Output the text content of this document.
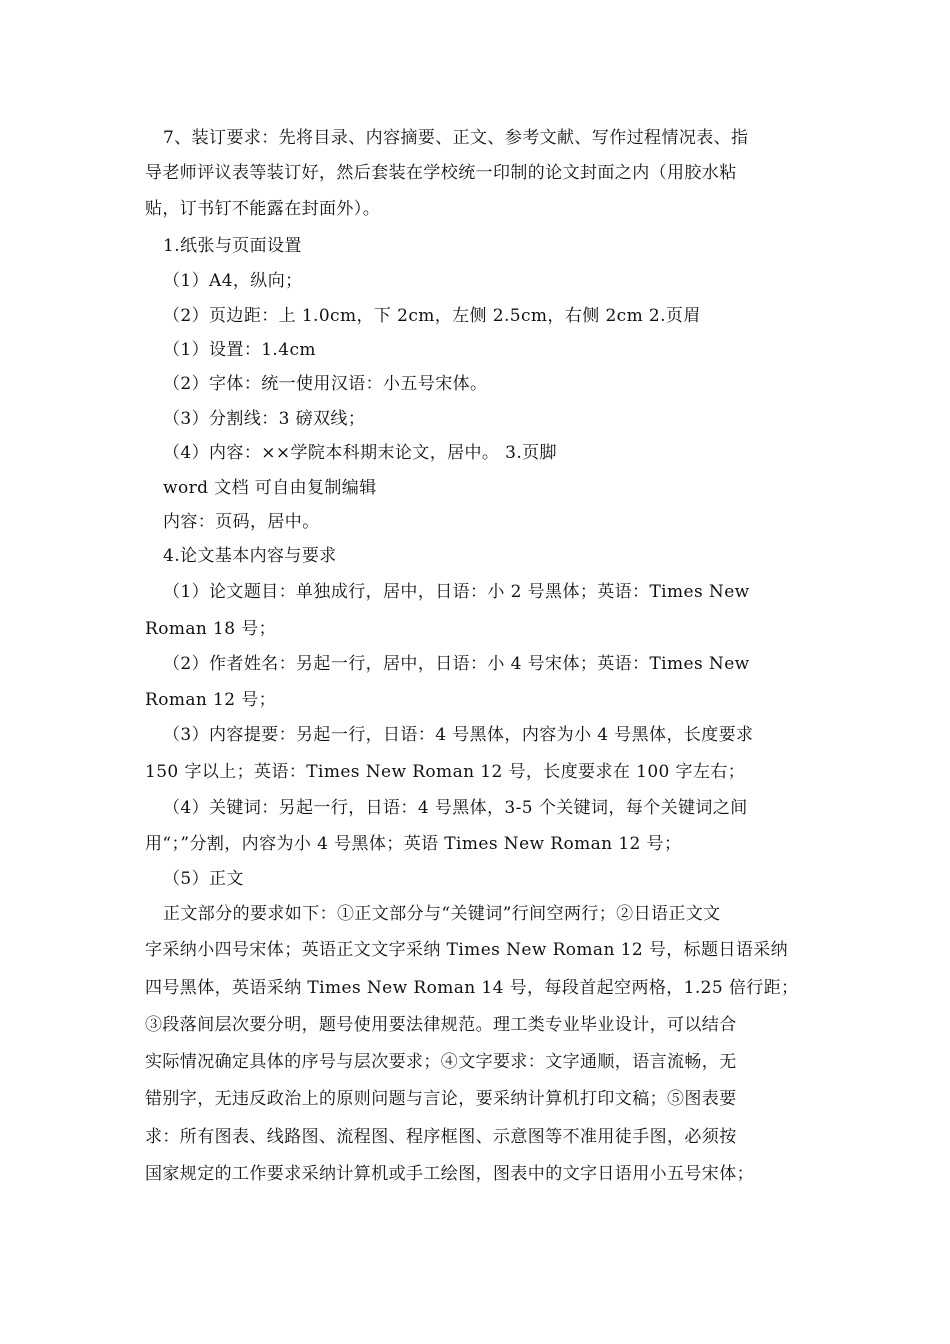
7、装订要求：先将目录、内容摘要、正文、参考文献、写作过程情况表、指
导老师评议表等装订好，然后套装在学校统一印制的论文封面之内（用胶水粘
贴，订书钉不能露在封面外）。
1.纸张与页面设置
（1）A4，纵向；
（2）页边距：上 1.0cm，下 2cm，左侧 2.5cm，右侧 2cm 2.页眉
（1）设置：1.4cm
（2）字体：统一使用汉语：小五号宋体。
（3）分割线：3 磅双线；
（4）内容：××学院本科期末论文，居中。 3.页脚
word 文档 可自由复制编辑
内容：页码，居中。
4.论文基本内容与要求
（1）论文题目：单独成行，居中，日语：小 2 号黑体；英语：Times New
Roman 18 号；
（2）作者姓名：另起一行，居中，日语：小 4 号宋体；英语：Times New
Roman 12 号；
（3）内容提要：另起一行，日语：4 号黑体，内容为小 4 号黑体，长度要求
150 字以上；英语：Times New Roman 12 号，长度要求在 100 字左右；
（4）关键词：另起一行，日语：4 号黑体，3-5 个关键词，每个关键词之间
用“；”分割，内容为小 4 号黑体；英语 Times New Roman 12 号；
（5）正文
正文部分的要求如下：①正文部分与“关键词”行间空两行；②日语正文文
字采纳小四号宋体；英语正文文字采纳 Times New Roman 12 号，标题日语采纳
四号黑体，英语采纳 Times New Roman 14 号，每段首起空两格，1.25 倍行距；
③段落间层次要分明，题号使用要法律规范。理工类专业毕业设计，可以结合
实际情况确定具体的序号与层次要求；④文字要求：文字通顺，语言流畅，无
错别字，无违反政治上的原则问题与言论，要采纳计算机打印文稿；⑤图表要
求：所有图表、线路图、流程图、程序框图、示意图等不准用徒手图，必须按
国家规定的工作要求采纳计算机或手工绘图，图表中的文字日语用小五号宋体；
